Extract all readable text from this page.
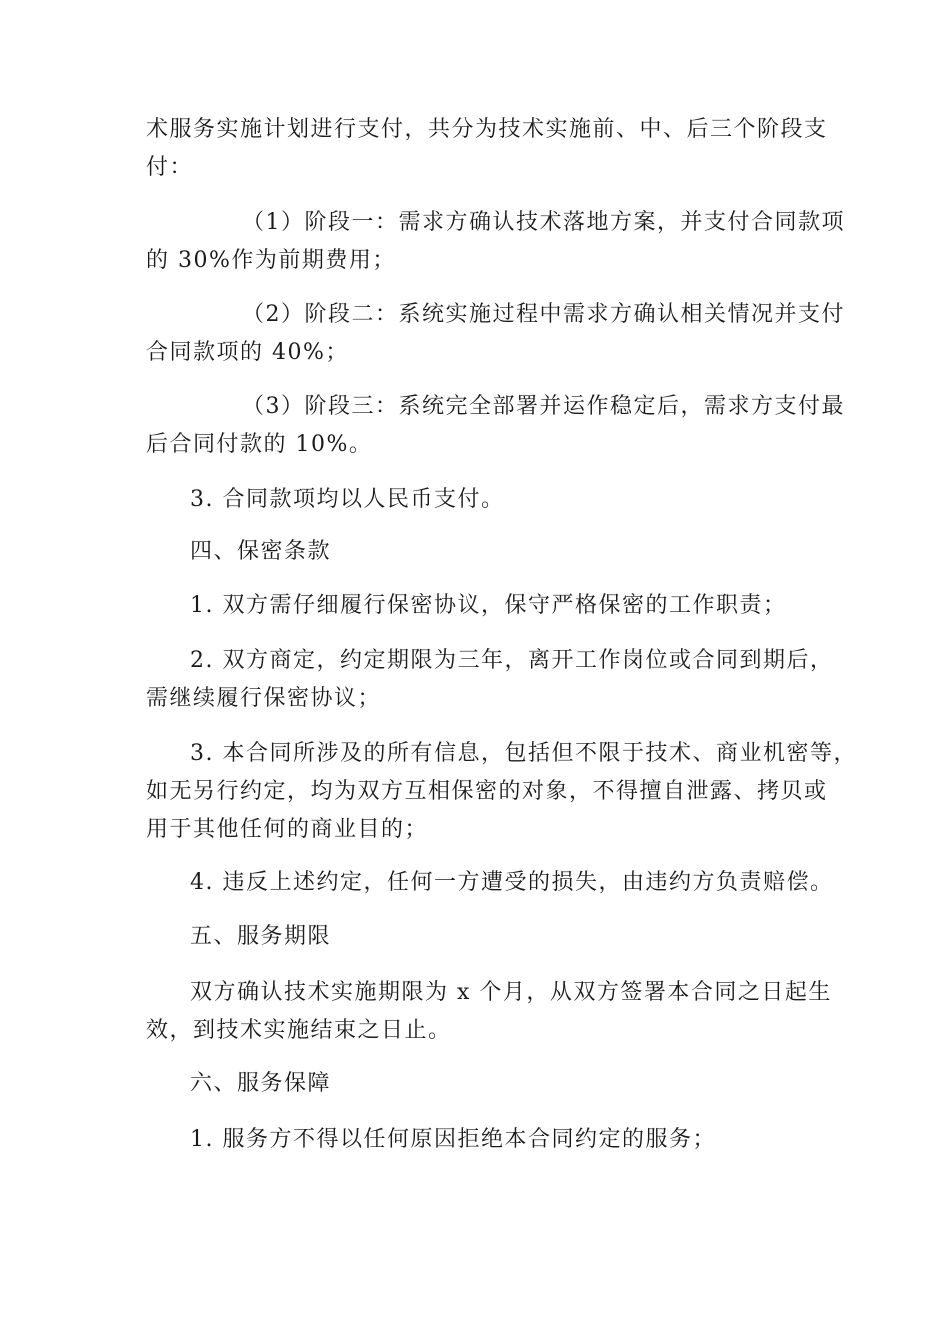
术服务实施计划进行支付，共分为技术实施前、中、后三个阶段支
付：
（1）阶段一：需求方确认技术落地方案，并支付合同款项
的 30%作为前期费用；
（2）阶段二：系统实施过程中需求方确认相关情况并支付
合同款项的 40%；
（3）阶段三：系统完全部署并运作稳定后，需求方支付最
后合同付款的 10%。
3. 合同款项均以人民币支付。
四、保密条款
1. 双方需仔细履行保密协议，保守严格保密的工作职责；
2. 双方商定，约定期限为三年，离开工作岗位或合同到期后，
需继续履行保密协议；
3. 本合同所涉及的所有信息，包括但不限于技术、商业机密等，
如无另行约定，均为双方互相保密的对象，不得擅自泄露、拷贝或
用于其他任何的商业目的；
4. 违反上述约定，任何一方遭受的损失，由违约方负责赔偿。
五、服务期限
双方确认技术实施期限为 x 个月，从双方签署本合同之日起生
效，到技术实施结束之日止。
六、服务保障
1. 服务方不得以任何原因拒绝本合同约定的服务；
